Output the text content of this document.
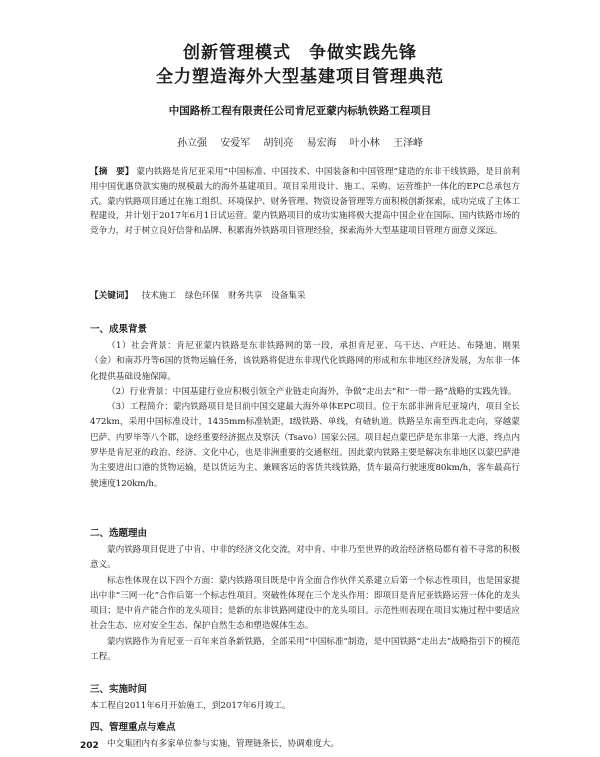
创新管理模式　争做实践先锋
全力塑造海外大型基建项目管理典范
中国路桥工程有限责任公司肯尼亚蒙内标轨铁路工程项目
孙立强 安爱军 胡钊亮 易宏海 叶小林 王泽峰
【摘　要】 蒙内铁路是肯尼亚采用“中国标准、中国技术、中国装备和中国管理”建造的东非干线铁路，是目前利用中国优惠贷款实施的规模最大的海外基建项目。项目采用设计、施工、采购、运营维护一体化的EPC总承包方式。蒙内铁路项目通过在施工组织、环境保护、财务管理、物资设备管理等方面积极创新探索，成功完成了主体工程建设，并计划于2017年6月1日试运营。蒙内铁路项目的成功实施将极大提高中国企业在国际、国内铁路市场的竞争力，对于树立良好信誉和品牌、积累海外铁路项目管理经验，探索海外大型基建项目管理方面意义深远。
【关键词】 技术施工 绿色环保 财务共享 设备集采
一、成果背景

（1）社会背景：肯尼亚蒙内铁路是东非铁路网的第一段，承担肯尼亚、乌干达、卢旺达、布隆迪、刚果（金）和南苏丹等6国的货物运输任务，该铁路将促进东非现代化铁路网的形成和东非地区经济发展，为东非一体化提供基础设施保障。

（2）行业背景：中国基建行业应积极引领全产业链走向海外，争做“走出去”和“一带一路”战略的实践先锋。

（3）工程简介：蒙内铁路项目是目前中国交建最大海外单体EPC项目。位于东部非洲肯尼亚境内，项目全长472km，采用中国标准设计，1435mm标准轨距，Ⅰ级铁路、单线，有碴轨道。铁路呈东南至西北走向，穿越蒙巴萨、内罗毕等八个郡，途经重要经济据点及察沃（Tsavo）国家公园。项目起点蒙巴萨是东非第一大港，终点内罗毕是肯尼亚的政治、经济、文化中心，也是非洲重要的交通枢纽。因此蒙内铁路主要是解决东非地区以蒙巴萨港为主要进出口港的货物运输，是以货运为主、兼顾客运的客货共线铁路，货车最高行驶速度80km/h，客车最高行驶速度120km/h。

二、选题理由

蒙内铁路项目促进了中肯、中非的经济文化交流，对中肯、中非乃至世界的政治经济格局都有着不寻常的积极意义。

标志性体现在以下四个方面：蒙内铁路项目既是中肯全面合作伙伴关系建立后第一个标志性项目，也是国家提出中非“三网一化”合作后第一个标志性项目。突破性体现在三个龙头作用：即项目是肯尼亚铁路运营一体化的龙头项目；是中肯产能合作的龙头项目；是新的东非铁路网建设中的龙头项目。示范性则表现在项目实施过程中要适应社会生态、应对安全生态、保护自然生态和塑造媒体生态。

蒙内铁路作为肯尼亚一百年来首条新铁路，全部采用“中国标准”制造，是中国铁路“走出去”战略指引下的模范工程。

三、实施时间

本工程自2011年6月开始施工，到2017年6月竣工。

四、管理重点与难点

中交集团内有多家单位参与实施，管理链条长，协调难度大。

202
